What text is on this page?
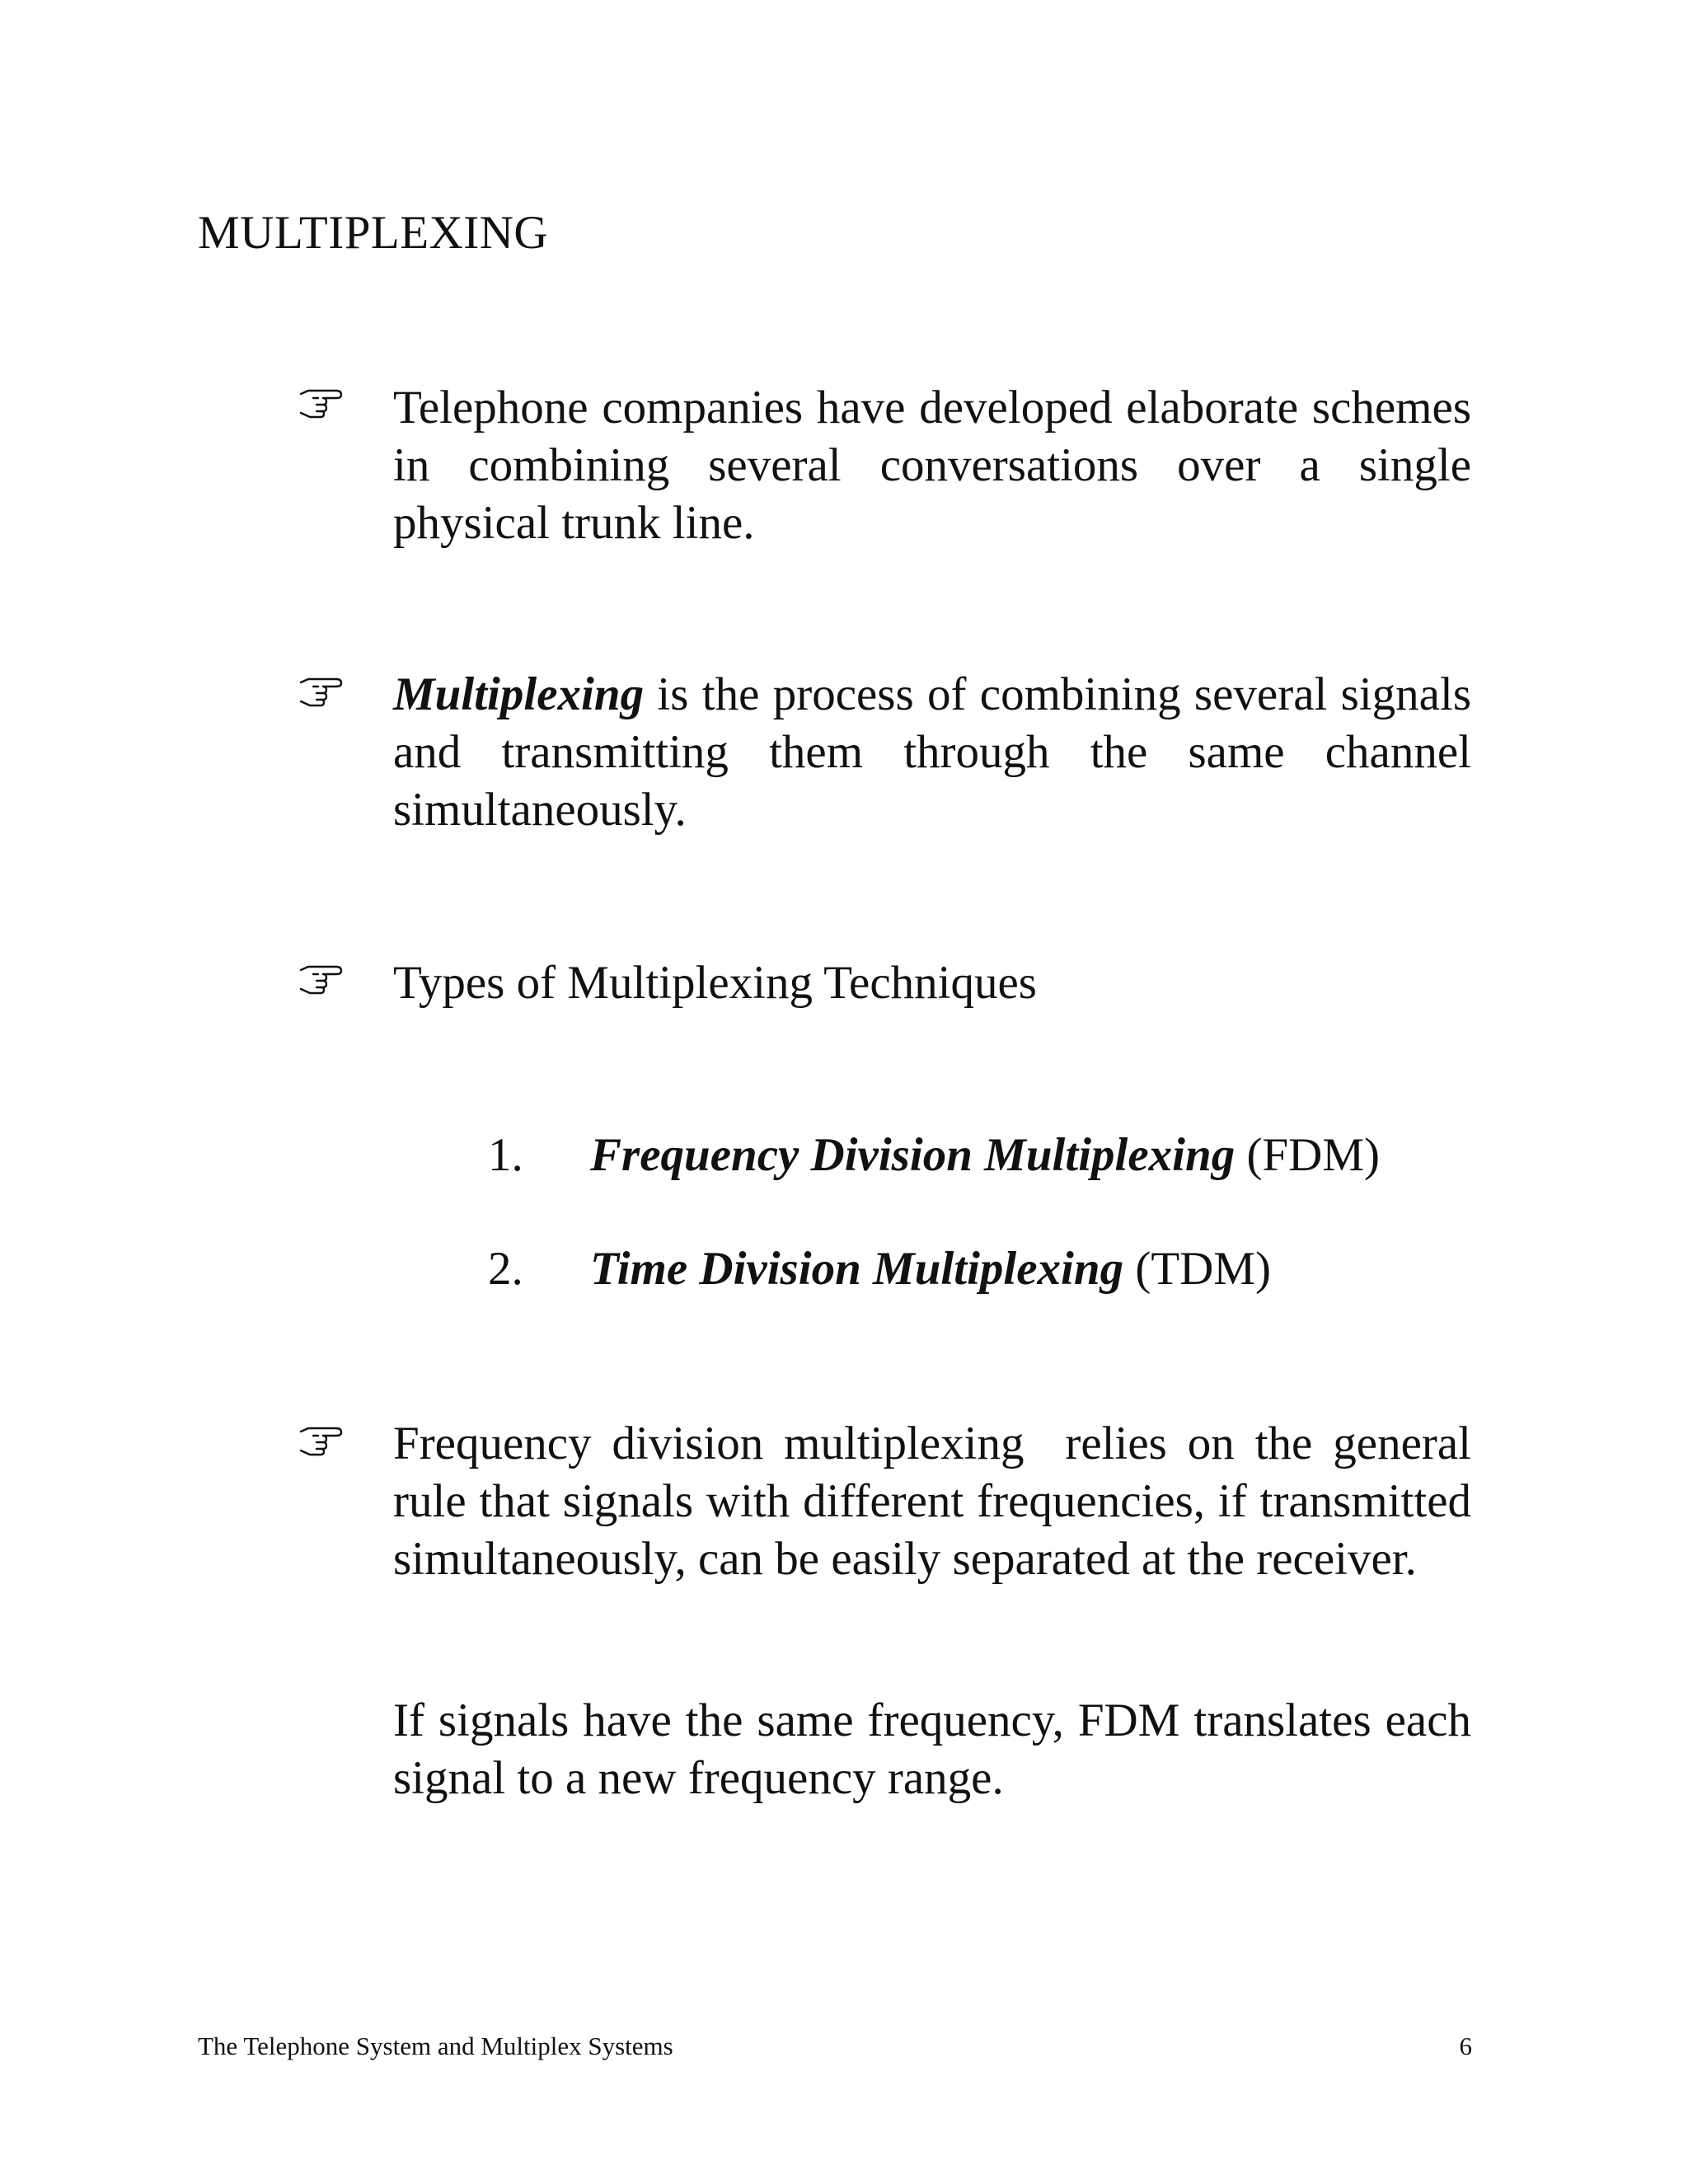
MULTIPLEXING

Telephone companies have developed elaborate schemes in combining several conversations over a single physical trunk line.

Multiplexing is the process of combining several signals and transmitting them through the same channel simultaneously.

Types of Multiplexing Techniques

1. Frequency Division Multiplexing (FDM)
2. Time Division Multiplexing (TDM)

Frequency division multiplexing  relies on the general rule that signals with different frequencies, if transmitted simultaneously, can be easily separated at the receiver.

If signals have the same frequency, FDM translates each signal to a new frequency range.

The Telephone System and Multiplex Systems	6
